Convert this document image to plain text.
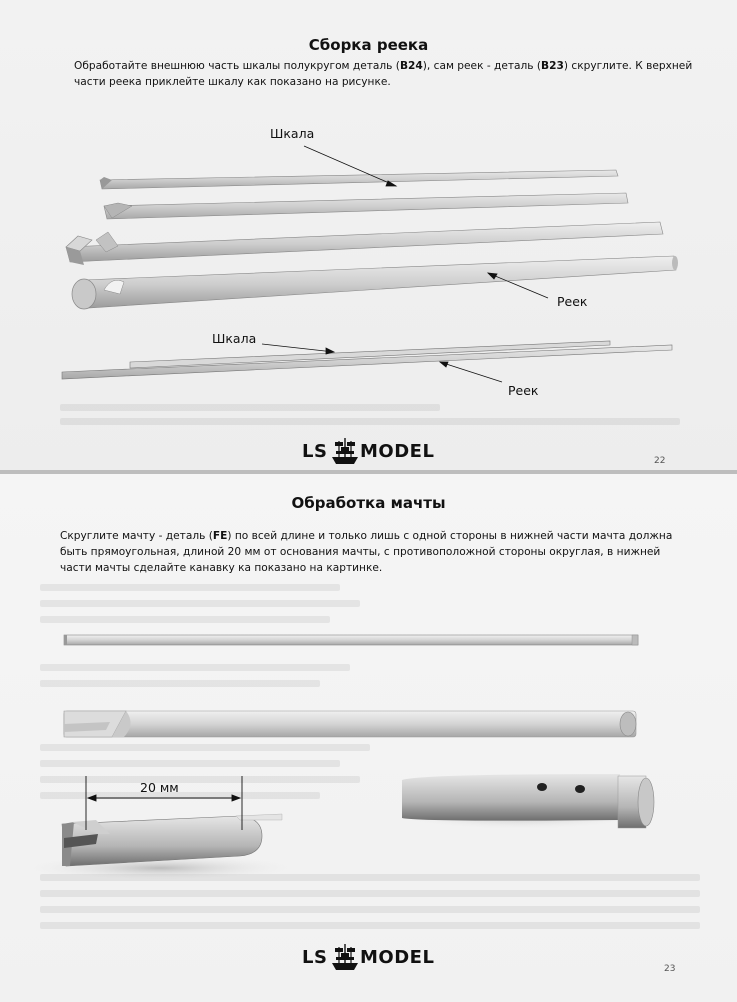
Сборка реека
Обработайте внешнюю часть шкалы полукругом деталь (B24), сам реек - деталь (B23) скруглите. К верхней
части реека приклейте шкалу как показано на рисунке.
Шкала
Реек
Шкала
Реек
LS MODEL	22
Обработка мачты
Скруглите мачту - деталь (FE) по всей длине и только лишь с одной стороны в нижней части мачта должна
быть прямоугольная, длиной 20 мм от основания мачты, с противоположной стороны округлая, в нижней
части мачты сделайте канавку ка показано на картинке.
20 мм
LS MODEL
23
